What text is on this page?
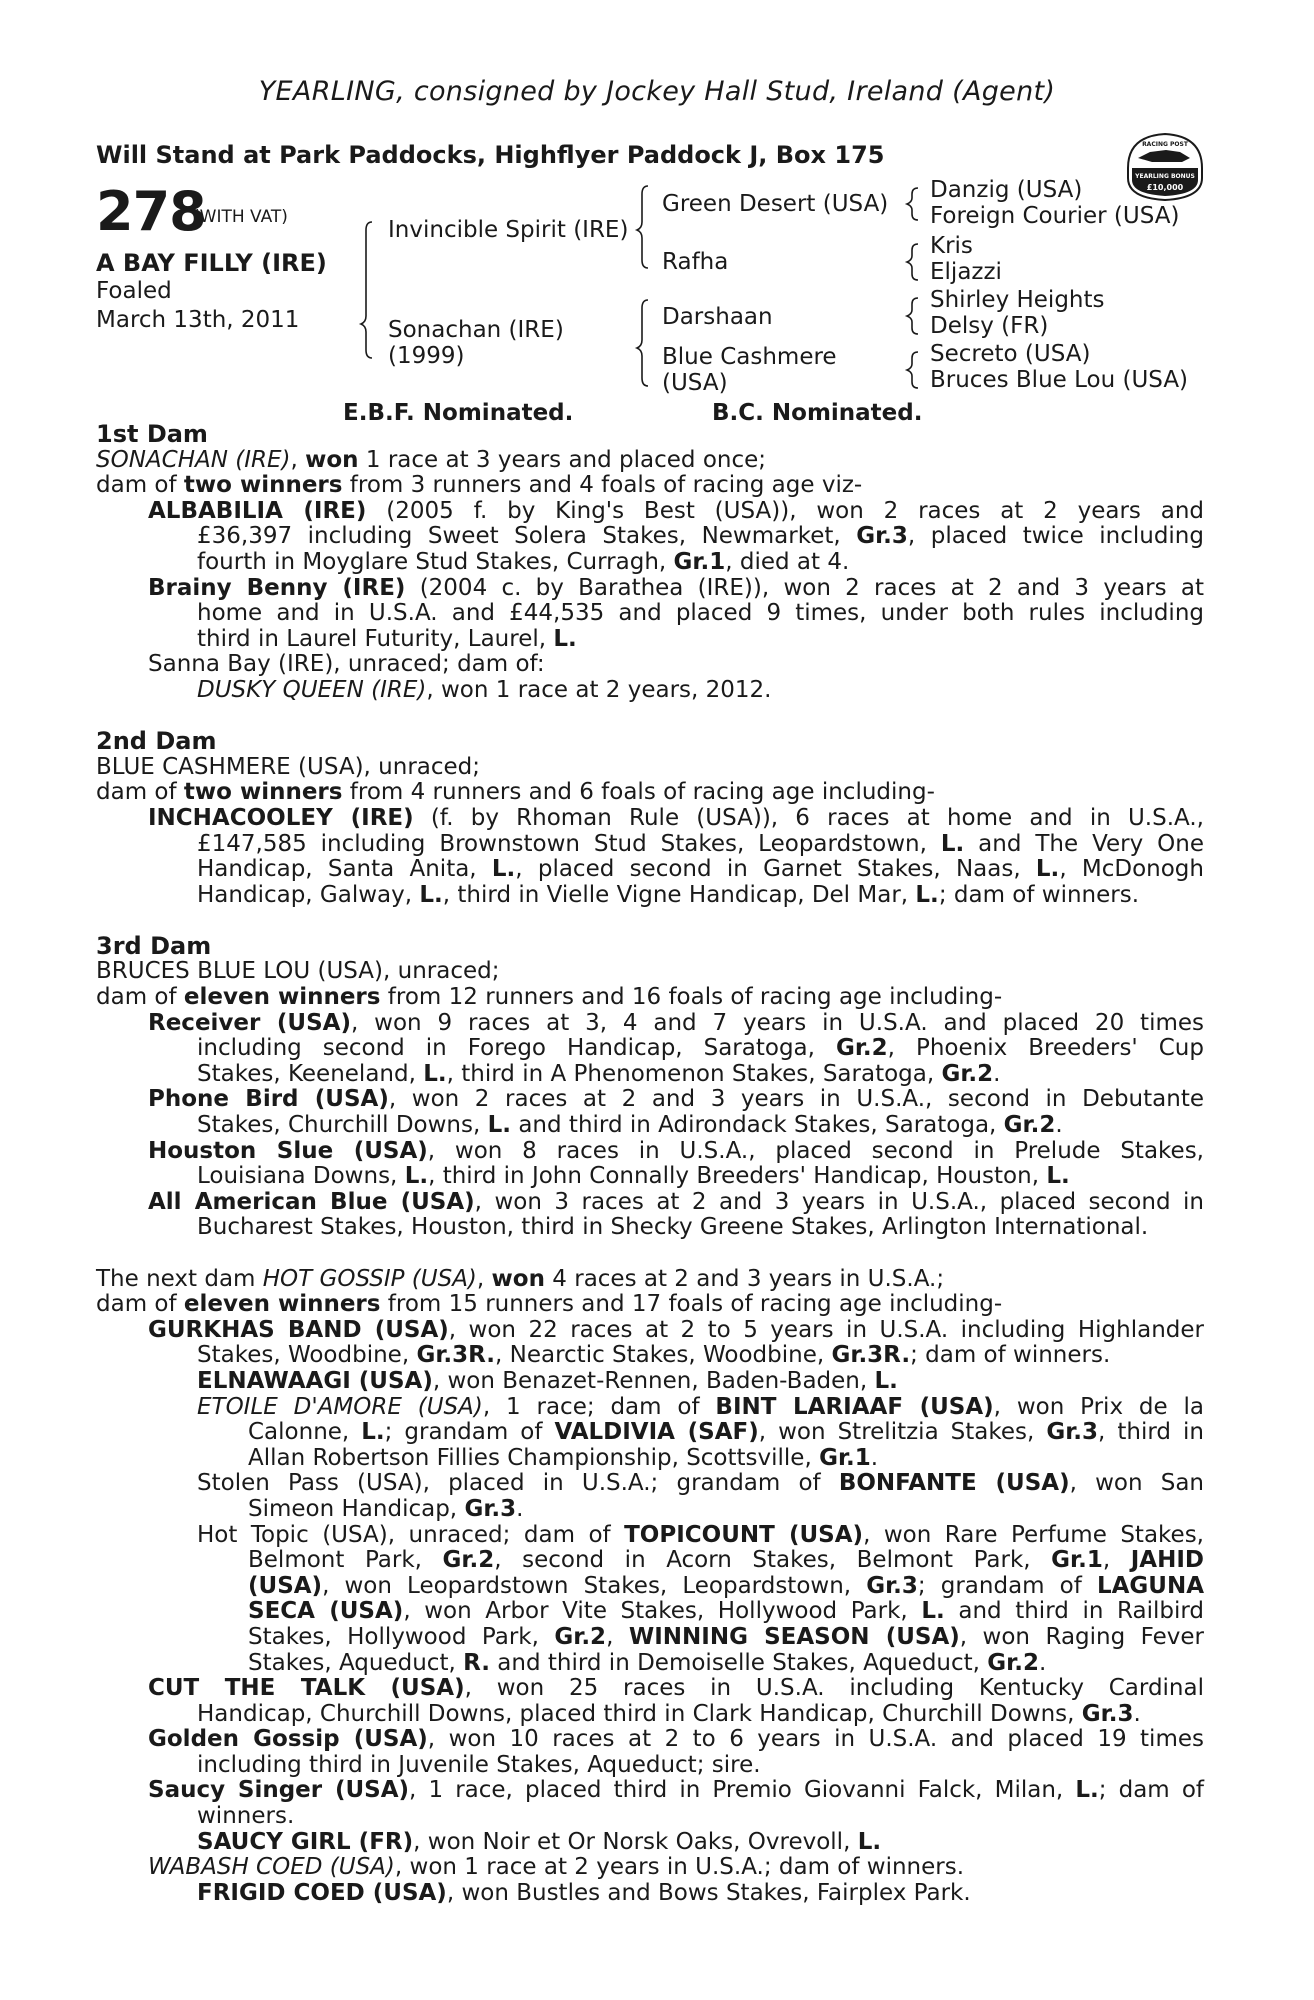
YEARLING, consigned by Jockey Hall Stud, Ireland (Agent)
Will Stand at Park Paddocks, Highflyer Paddock J, Box 175	RACING POST
YEARLING BONUS
£10,000
278
(WITH VAT)
A BAY FILLY (IRE)
Foaled
March 13th, 2011
Invincible Spirit (IRE)
Sonachan (IRE)
(1999)
Green Desert (USA)
Rafha
Darshaan
Blue Cashmere
(USA)
Danzig (USA)
Foreign Courier (USA)
Kris
Eljazzi
Shirley Heights
Delsy (FR)
Secreto (USA)
Bruces Blue Lou (USA)
E.B.F. Nominated.	B.C. Nominated.
1st Dam
SONACHAN (IRE), won 1 race at 3 years and placed once;
dam of two winners from 3 runners and 4 foals of racing age viz-
ALBABILIA (IRE) (2005 f. by King's Best (USA)), won 2 races at 2 years and
£36,397 including Sweet Solera Stakes, Newmarket, Gr.3, placed twice including
fourth in Moyglare Stud Stakes, Curragh, Gr.1, died at 4.
Brainy Benny (IRE) (2004 c. by Barathea (IRE)), won 2 races at 2 and 3 years at
home and in U.S.A. and £44,535 and placed 9 times, under both rules including
third in Laurel Futurity, Laurel, L.
Sanna Bay (IRE), unraced; dam of:
DUSKY QUEEN (IRE), won 1 race at 2 years, 2012.
2nd Dam
BLUE CASHMERE (USA), unraced;
dam of two winners from 4 runners and 6 foals of racing age including-
INCHACOOLEY (IRE) (f. by Rhoman Rule (USA)), 6 races at home and in U.S.A.,
£147,585 including Brownstown Stud Stakes, Leopardstown, L. and The Very One
Handicap, Santa Anita, L., placed second in Garnet Stakes, Naas, L., McDonogh
Handicap, Galway, L., third in Vielle Vigne Handicap, Del Mar, L.; dam of winners.
3rd Dam
BRUCES BLUE LOU (USA), unraced;
dam of eleven winners from 12 runners and 16 foals of racing age including-
Receiver (USA), won 9 races at 3, 4 and 7 years in U.S.A. and placed 20 times
including second in Forego Handicap, Saratoga, Gr.2, Phoenix Breeders' Cup
Stakes, Keeneland, L., third in A Phenomenon Stakes, Saratoga, Gr.2.
Phone Bird (USA), won 2 races at 2 and 3 years in U.S.A., second in Debutante
Stakes, Churchill Downs, L. and third in Adirondack Stakes, Saratoga, Gr.2.
Houston Slue (USA), won 8 races in U.S.A., placed second in Prelude Stakes,
Louisiana Downs, L., third in John Connally Breeders' Handicap, Houston, L.
All American Blue (USA), won 3 races at 2 and 3 years in U.S.A., placed second in
Bucharest Stakes, Houston, third in Shecky Greene Stakes, Arlington International.
The next dam HOT GOSSIP (USA), won 4 races at 2 and 3 years in U.S.A.;
dam of eleven winners from 15 runners and 17 foals of racing age including-
GURKHAS BAND (USA), won 22 races at 2 to 5 years in U.S.A. including Highlander
Stakes, Woodbine, Gr.3R., Nearctic Stakes, Woodbine, Gr.3R.; dam of winners.
ELNAWAAGI (USA), won Benazet-Rennen, Baden-Baden, L.
ETOILE D'AMORE (USA), 1 race; dam of BINT LARIAAF (USA), won Prix de la
Calonne, L.; grandam of VALDIVIA (SAF), won Strelitzia Stakes, Gr.3, third in
Allan Robertson Fillies Championship, Scottsville, Gr.1.
Stolen Pass (USA), placed in U.S.A.; grandam of BONFANTE (USA), won San
Simeon Handicap, Gr.3.
Hot Topic (USA), unraced; dam of TOPICOUNT (USA), won Rare Perfume Stakes,
Belmont Park, Gr.2, second in Acorn Stakes, Belmont Park, Gr.1, JAHID
(USA), won Leopardstown Stakes, Leopardstown, Gr.3; grandam of LAGUNA
SECA (USA), won Arbor Vite Stakes, Hollywood Park, L. and third in Railbird
Stakes, Hollywood Park, Gr.2, WINNING SEASON (USA), won Raging Fever
Stakes, Aqueduct, R. and third in Demoiselle Stakes, Aqueduct, Gr.2.
CUT THE TALK (USA), won 25 races in U.S.A. including Kentucky Cardinal
Handicap, Churchill Downs, placed third in Clark Handicap, Churchill Downs, Gr.3.
Golden Gossip (USA), won 10 races at 2 to 6 years in U.S.A. and placed 19 times
including third in Juvenile Stakes, Aqueduct; sire.
Saucy Singer (USA), 1 race, placed third in Premio Giovanni Falck, Milan, L.; dam of
winners.
SAUCY GIRL (FR), won Noir et Or Norsk Oaks, Ovrevoll, L.
WABASH COED (USA), won 1 race at 2 years in U.S.A.; dam of winners.
FRIGID COED (USA), won Bustles and Bows Stakes, Fairplex Park.
